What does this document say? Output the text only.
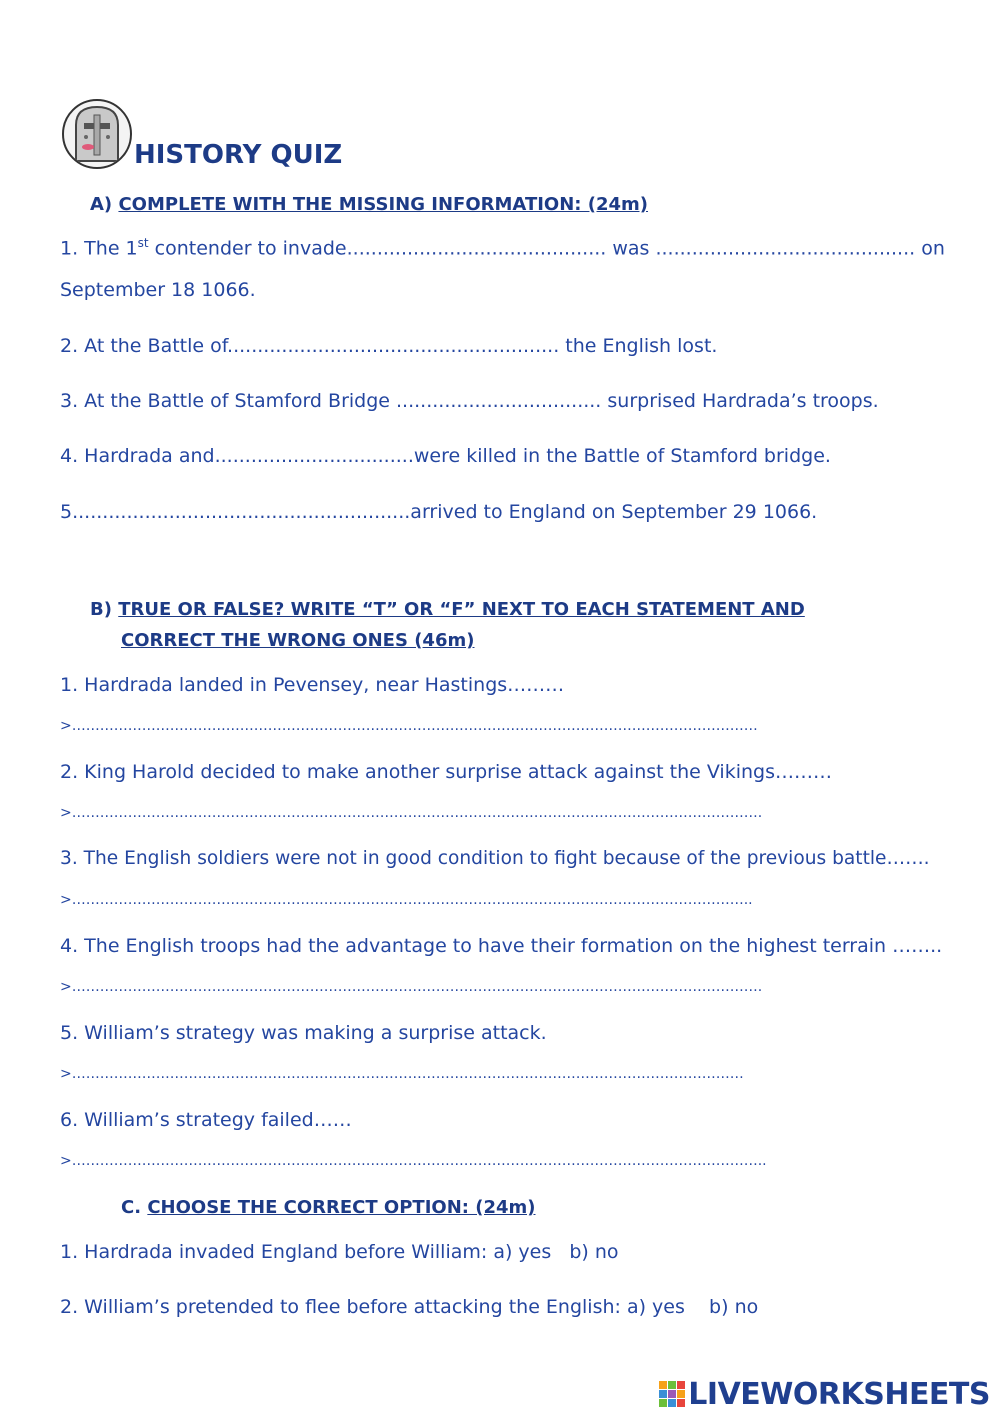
HISTORY QUIZ
A) COMPLETE WITH THE MISSING INFORMATION: (24m)
1. The 1st contender to invade........................................... was ........................................... on
September 18 1066.
2. At the Battle of....................................................... the English lost.
3. At the Battle of Stamford Bridge .................................. surprised Hardrada’s troops.
4. Hardrada and.................................were killed in the Battle of Stamford bridge.
5........................................................arrived to England on September 29 1066.
B) TRUE OR FALSE? WRITE “T” OR “F” NEXT TO EACH STATEMENT AND
CORRECT THE WRONG ONES (46m)
1. Hardrada landed in Pevensey, near Hastings………
>…………………………………………………………………………………………………………………………………
2. King Harold decided to make another surprise attack against the Vikings………
>………………………………………………………………………………………………………………………………….
3. The English soldiers were not in good condition to fight because of the previous battle…….
>………………………………………………………………………………………………………………………………..
4. The English troops had the advantage to have their formation on the highest terrain ……..
>………………………………………………………………………………………………………………………………….
5. William’s strategy was making a surprise attack.
>………………………………………………………………………………………………………………………………
6. William’s strategy failed……
>…………………………………………………………………………………………………………………………………..
C. CHOOSE THE CORRECT OPTION: (24m)
1. Hardrada invaded England before William: a) yes   b) no
2. William’s pretended to flee before attacking the English: a) yes    b) no
LIVEWORKSHEETS
